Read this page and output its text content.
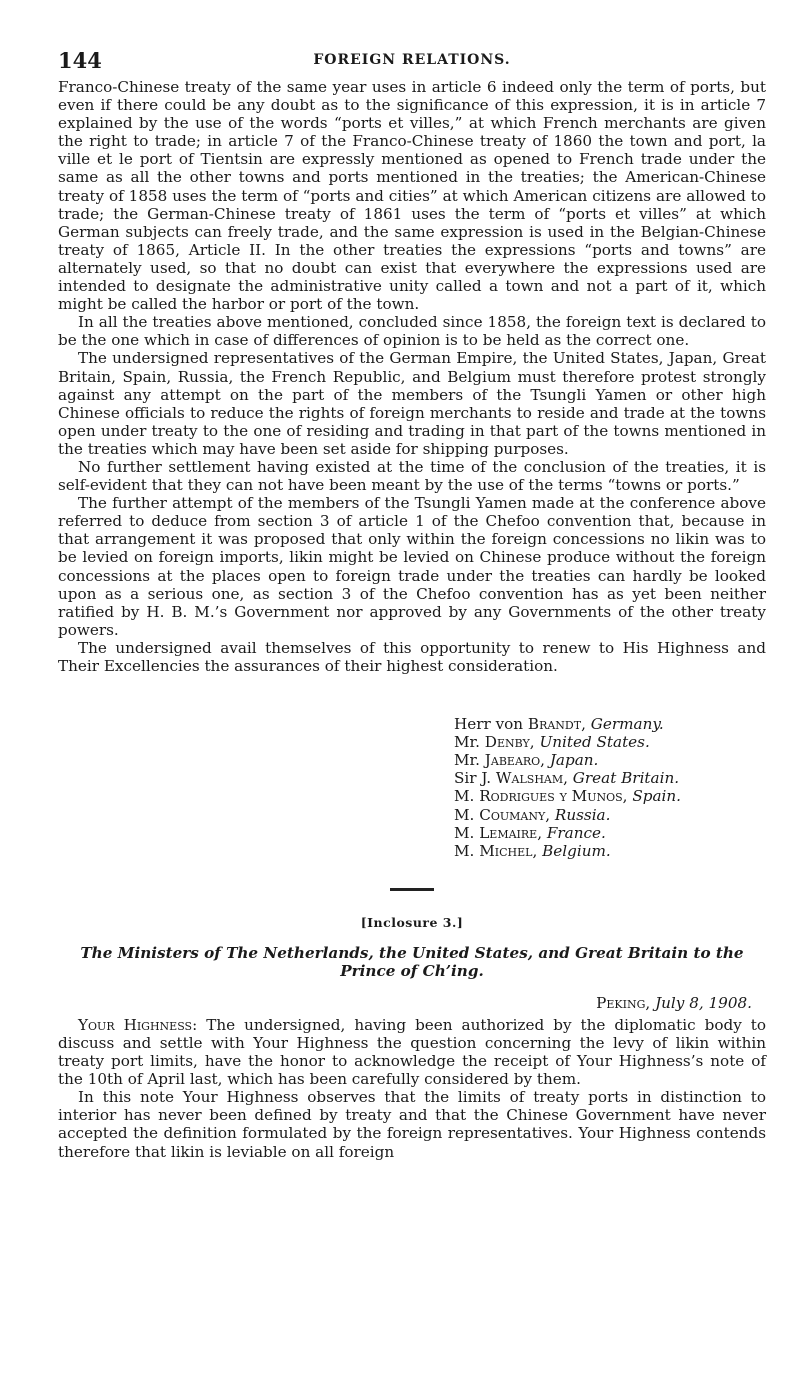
144	FOREIGN RELATIONS.

Franco-Chinese treaty of the same year uses in article 6 indeed only the term of ports, but even if there could be any doubt as to the significance of this expression, it is in article 7 explained by the use of the words “ports et villes,” at which French merchants are given the right to trade; in article 7 of the Franco-Chinese treaty of 1860 the town and port, la ville et le port of Tientsin are expressly mentioned as opened to French trade under the same as all the other towns and ports mentioned in the treaties; the American-Chinese treaty of 1858 uses the term of “ports and cities” at which American citizens are allowed to trade; the German-Chinese treaty of 1861 uses the term of “ports et villes” at which German subjects can freely trade, and the same expression is used in the Belgian-Chinese treaty of 1865, Article II. In the other treaties the expressions “ports and towns” are alternately used, so that no doubt can exist that everywhere the expressions used are intended to designate the administrative unity called a town and not a part of it, which might be called the harbor or port of the town.

In all the treaties above mentioned, concluded since 1858, the foreign text is declared to be the one which in case of differences of opinion is to be held as the correct one.

The undersigned representatives of the German Empire, the United States, Japan, Great Britain, Spain, Russia, the French Republic, and Belgium must therefore protest strongly against any attempt on the part of the members of the Tsungli Yamen or other high Chinese officials to reduce the rights of foreign merchants to reside and trade at the towns open under treaty to the one of residing and trading in that part of the towns mentioned in the treaties which may have been set aside for shipping purposes.

No further settlement having existed at the time of the conclusion of the treaties, it is self-evident that they can not have been meant by the use of the terms “towns or ports.”

The further attempt of the members of the Tsungli Yamen made at the conference above referred to deduce from section 3 of article 1 of the Chefoo convention that, because in that arrangement it was proposed that only within the foreign concessions no likin was to be levied on foreign imports, likin might be levied on Chinese produce without the foreign concessions at the places open to foreign trade under the treaties can hardly be looked upon as a serious one, as section 3 of the Chefoo convention has as yet been neither ratified by H. B. M.’s Government nor approved by any Governments of the other treaty powers.

The undersigned avail themselves of this opportunity to renew to His Highness and Their Excellencies the assurances of their highest consideration.

Herr von Brandt, Germany.
Mr. Denby, United States.
Mr. Jabearo, Japan.
Sir J. Walsham, Great Britain.
M. Rodrigues y Munos, Spain.
M. Coumany, Russia.
M. Lemaire, France.
M. Michel, Belgium.
[Inclosure 3.]
The Ministers of The Netherlands, the United States, and Great Britain to the Prince of Ch’ing.
Peking, July 8, 1908.

Your Highness: The undersigned, having been authorized by the diplomatic body to discuss and settle with Your Highness the question concerning the levy of likin within treaty port limits, have the honor to acknowledge the receipt of Your Highness’s note of the 10th of April last, which has been carefully considered by them.

In this note Your Highness observes that the limits of treaty ports in distinction to interior has never been defined by treaty and that the Chinese Government have never accepted the definition formulated by the foreign representatives. Your Highness contends therefore that likin is leviable on all foreign
